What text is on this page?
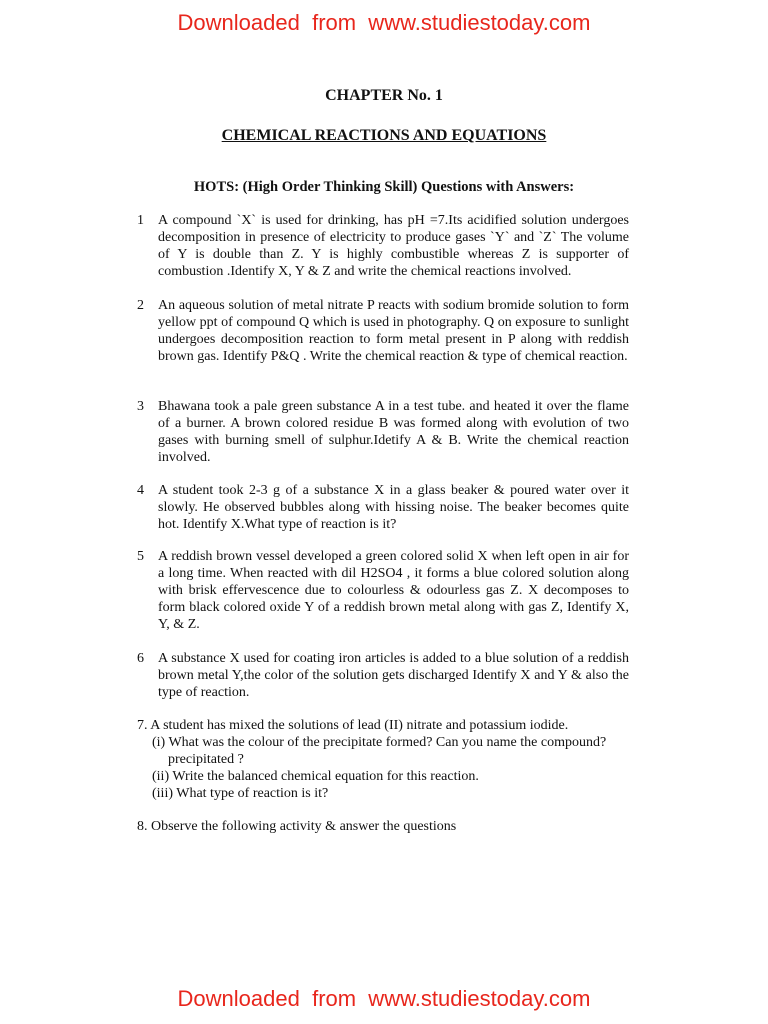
Downloaded  from  www.studiestoday.com
CHAPTER No. 1
CHEMICAL REACTIONS AND EQUATIONS
HOTS: (High Order Thinking Skill) Questions with Answers:
1 A compound `X` is used for drinking, has pH =7.Its acidified solution undergoes decomposition in presence of electricity to produce gases `Y` and `Z` The volume of Y is double than Z. Y is highly combustible whereas Z is supporter of combustion .Identify X, Y & Z and write the chemical reactions involved.
2 An aqueous solution of metal nitrate P reacts with sodium bromide solution to form yellow ppt of compound Q which is used in photography. Q on exposure to sunlight undergoes decomposition reaction to form metal present in P along with reddish brown gas. Identify P&Q . Write the chemical reaction & type of chemical reaction.
3 Bhawana took a pale green substance A in a test tube. and heated it over the flame of a burner. A brown colored residue B was formed along with evolution of two gases with burning smell of sulphur.Idetify A & B. Write the chemical reaction involved.
4 A student took 2-3 g of a substance X in a glass beaker & poured water over it slowly. He observed bubbles along with hissing noise. The beaker becomes quite hot. Identify X.What type of reaction is it?
5 A reddish brown vessel developed a green colored solid X when left open in air for a long time. When reacted with dil H2SO4 , it forms a blue colored solution along with brisk effervescence due to colourless & odourless gas Z. X decomposes to form black colored oxide Y of a reddish brown metal along with gas Z, Identify X, Y, & Z.
6 A substance X used for coating iron articles is added to a blue solution of a reddish brown metal Y,the color of the solution gets discharged Identify X and Y & also the type of reaction.
7. A student has mixed the solutions of lead (II) nitrate and potassium iodide.
(i) What was the colour of the precipitate formed? Can you name the compound?
precipitated ?
(ii) Write the balanced chemical equation for this reaction.
(iii) What type of reaction is it?
8. Observe the following activity & answer the questions
Downloaded  from  www.studiestoday.com
